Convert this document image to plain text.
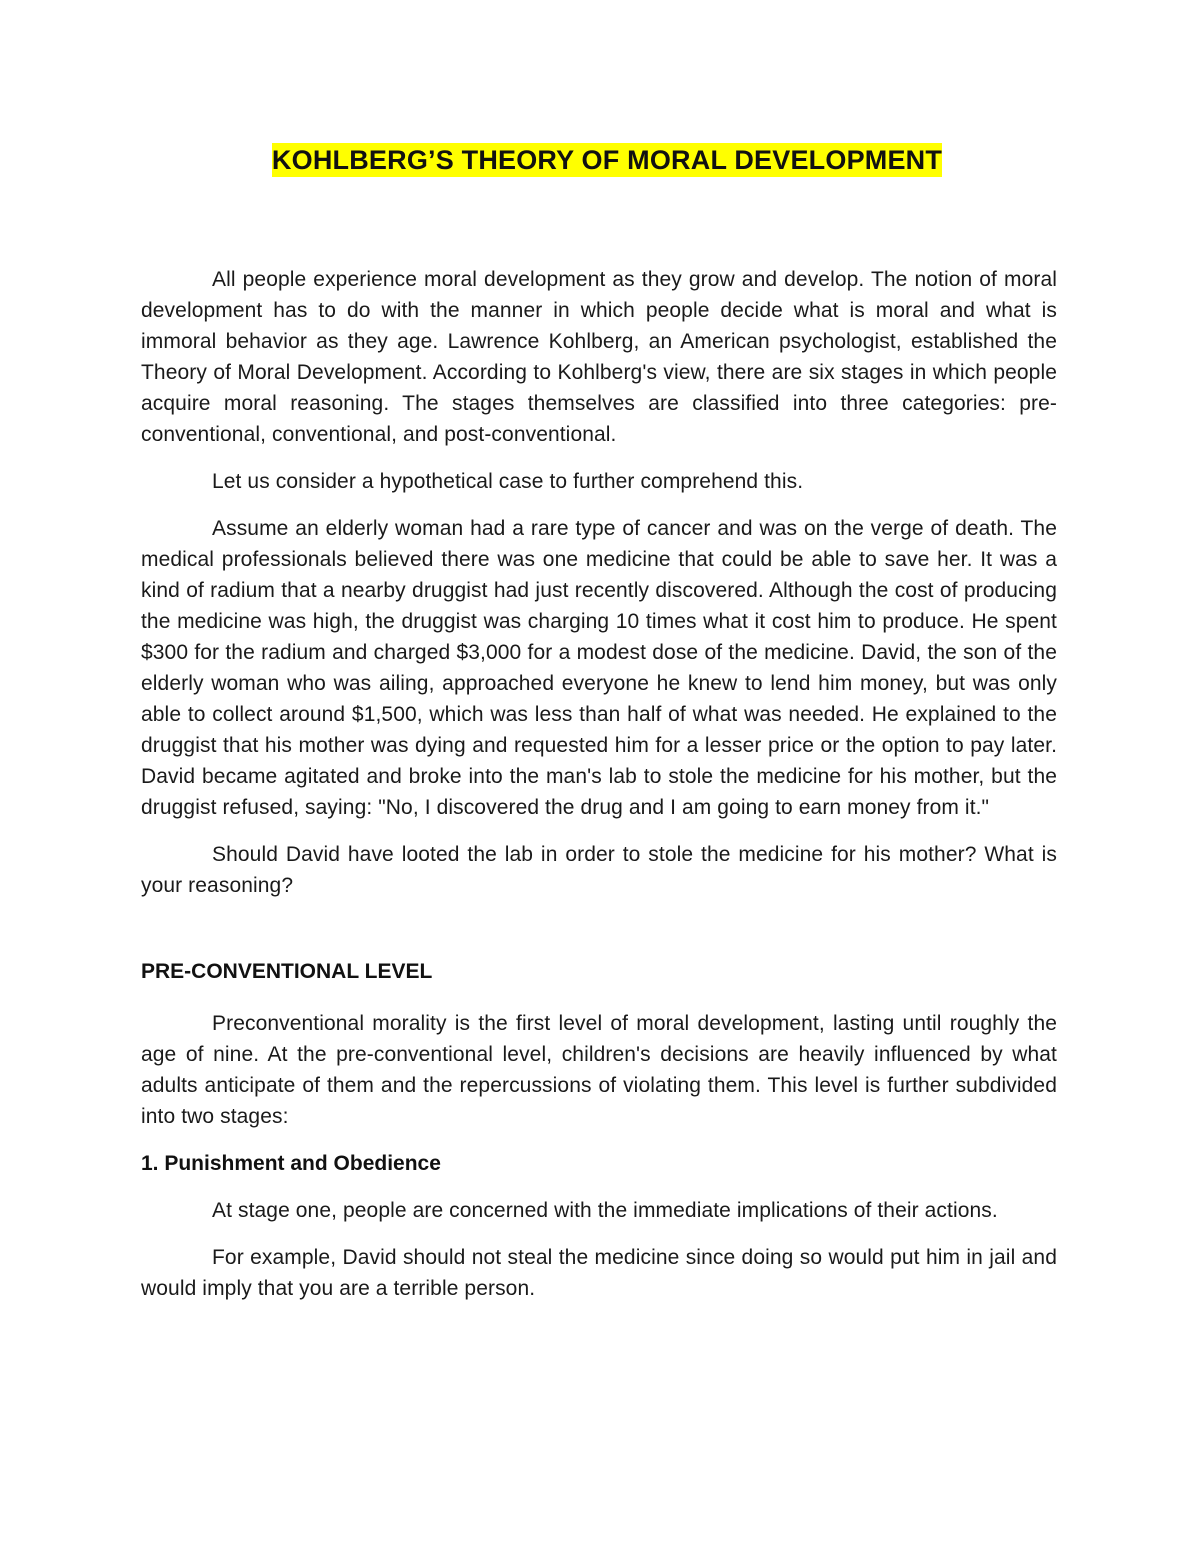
KOHLBERG’S THEORY OF MORAL DEVELOPMENT

All people experience moral development as they grow and develop. The notion of moral development has to do with the manner in which people decide what is moral and what is immoral behavior as they age. Lawrence Kohlberg, an American psychologist, established the Theory of Moral Development. According to Kohlberg's view, there are six stages in which people acquire moral reasoning. The stages themselves are classified into three categories: pre-conventional, conventional, and post-conventional.

Let us consider a hypothetical case to further comprehend this.

Assume an elderly woman had a rare type of cancer and was on the verge of death. The medical professionals believed there was one medicine that could be able to save her. It was a kind of radium that a nearby druggist had just recently discovered. Although the cost of producing the medicine was high, the druggist was charging 10 times what it cost him to produce. He spent $300 for the radium and charged $3,000 for a modest dose of the medicine. David, the son of the elderly woman who was ailing, approached everyone he knew to lend him money, but was only able to collect around $1,500, which was less than half of what was needed. He explained to the druggist that his mother was dying and requested him for a lesser price or the option to pay later. David became agitated and broke into the man's lab to stole the medicine for his mother, but the druggist refused, saying: "No, I discovered the drug and I am going to earn money from it."

Should David have looted the lab in order to stole the medicine for his mother? What is your reasoning?

PRE-CONVENTIONAL LEVEL

Preconventional morality is the first level of moral development, lasting until roughly the age of nine. At the pre-conventional level, children's decisions are heavily influenced by what adults anticipate of them and the repercussions of violating them. This level is further subdivided into two stages:

1. Punishment and Obedience

At stage one, people are concerned with the immediate implications of their actions.

For example, David should not steal the medicine since doing so would put him in jail and would imply that you are a terrible person.
